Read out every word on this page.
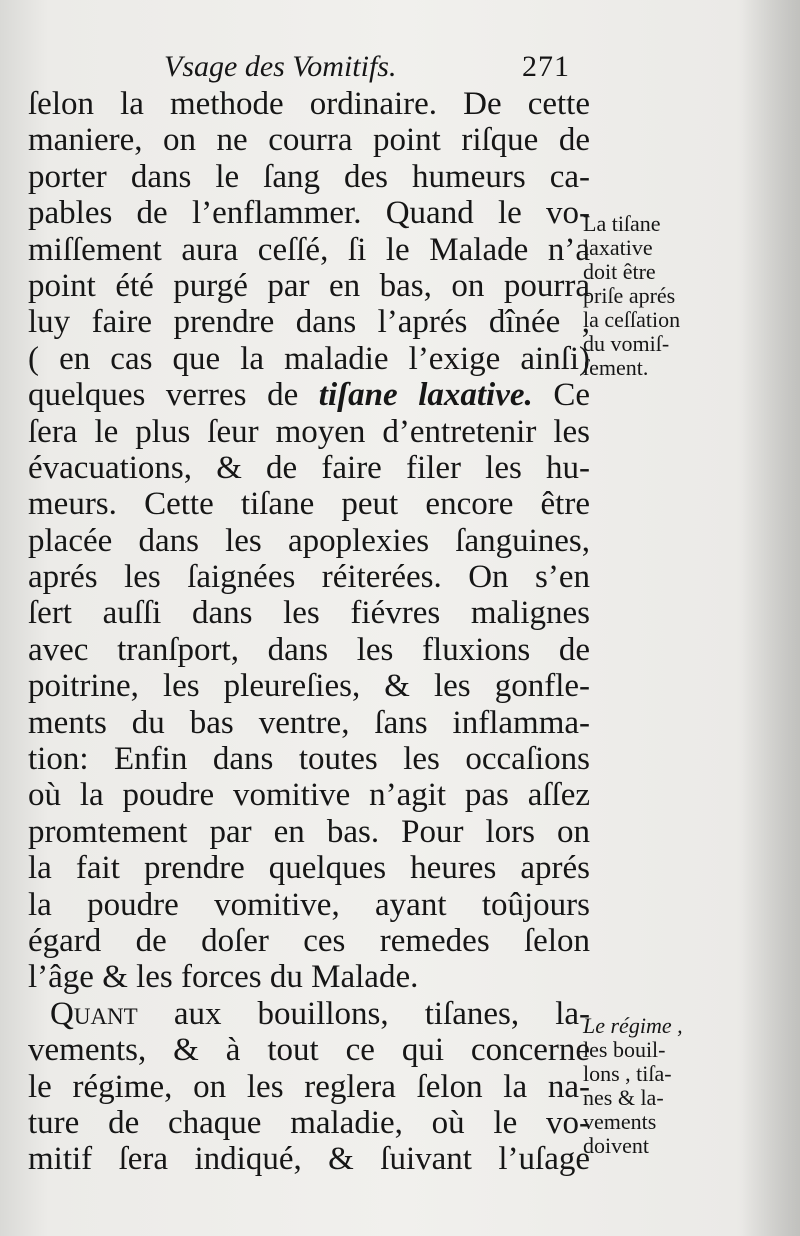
Vsage des Vomitifs.	271
ſelon la methode ordinaire. De cette
maniere, on ne courra point riſque de
porter dans le ſang des humeurs ca-
pables de l’enflammer. Quand le vo-
miſſement aura ceſſé, ſi le Malade n’a
point été purgé par en bas, on pourra
luy faire prendre dans l’aprés dînée ,
( en cas que la maladie l’exige ainſi)
quelques verres de tiſane laxative. Ce
ſera le plus ſeur moyen d’entretenir les
évacuations, & de faire filer les hu-
meurs. Cette tiſane peut encore être
placée dans les apoplexies ſanguines,
aprés les ſaignées réiterées. On s’en
ſert auſſi dans les fiévres malignes
avec tranſport, dans les fluxions de
poitrine, les pleureſies, & les gonfle-
ments du bas ventre, ſans inflamma-
tion: Enfin dans toutes les occaſions
où la poudre vomitive n’agit pas aſſez
promtement par en bas. Pour lors on
la fait prendre quelques heures aprés
la poudre vomitive, ayant toûjours
égard de doſer ces remedes ſelon
l’âge & les forces du Malade.
Quant aux bouillons, tiſanes, la-
vements, & à tout ce qui concerne
le régime, on les reglera ſelon la na-
ture de chaque maladie, où le vo-
mitif ſera indiqué, & ſuivant l’uſage
La tiſane
laxative
doit être
priſe aprés
la ceſſation
du vomiſ-
ſement.
Le régime ,
les bouil-
lons , tiſa-
nes & la-
vements
doivent
